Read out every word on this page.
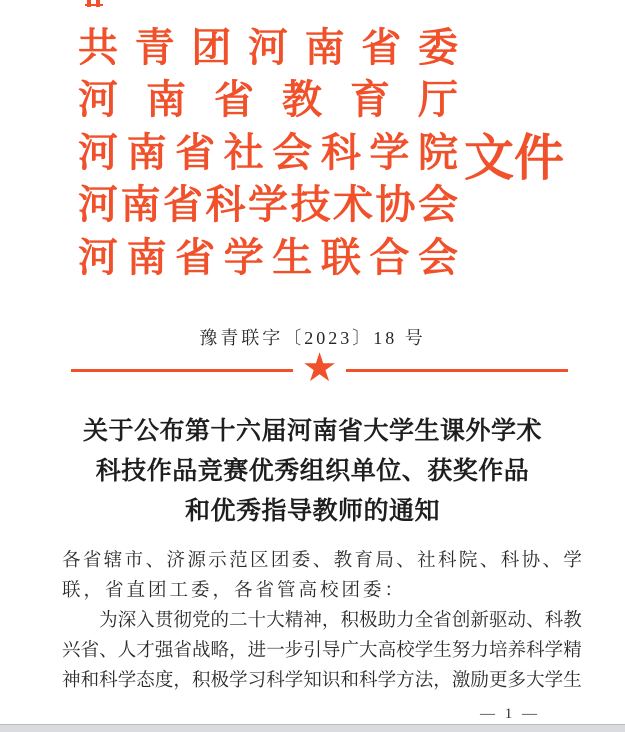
共 青 团 河 南 省 委
河 南 省 教 育 厅
河 南 省 社 会 科 学 院
河 南 省 科 学 技 术 协 会
河 南 省 学 生 联 合 会
文 件
豫青联字〔2023〕18 号
★
关于公布第十六届河南省大学生课外学术
科技作品竞赛优秀组织单位、获奖作品
和优秀指导教师的通知
各 省 辖 市 、 济 源 示 范 区 团 委 、 教 育 局 、 社 科 院 、 科 协 、 学
联，省直团工委，各省管高校团委：

为 深 入 贯 彻 党 的 二 十 大 精 神 ， 积 极 助 力 全 省 创 新 驱 动 、 科 教
兴 省 、 人 才 强 省 战 略 ， 进 一 步 引 导 广 大 高 校 学 生 努 力 培 养 科 学 精
神 和 科 学 态 度 ， 积 极 学 习 科 学 知 识 和 科 学 方 法 ， 激 励 更 多 大 学 生
— 1 —
